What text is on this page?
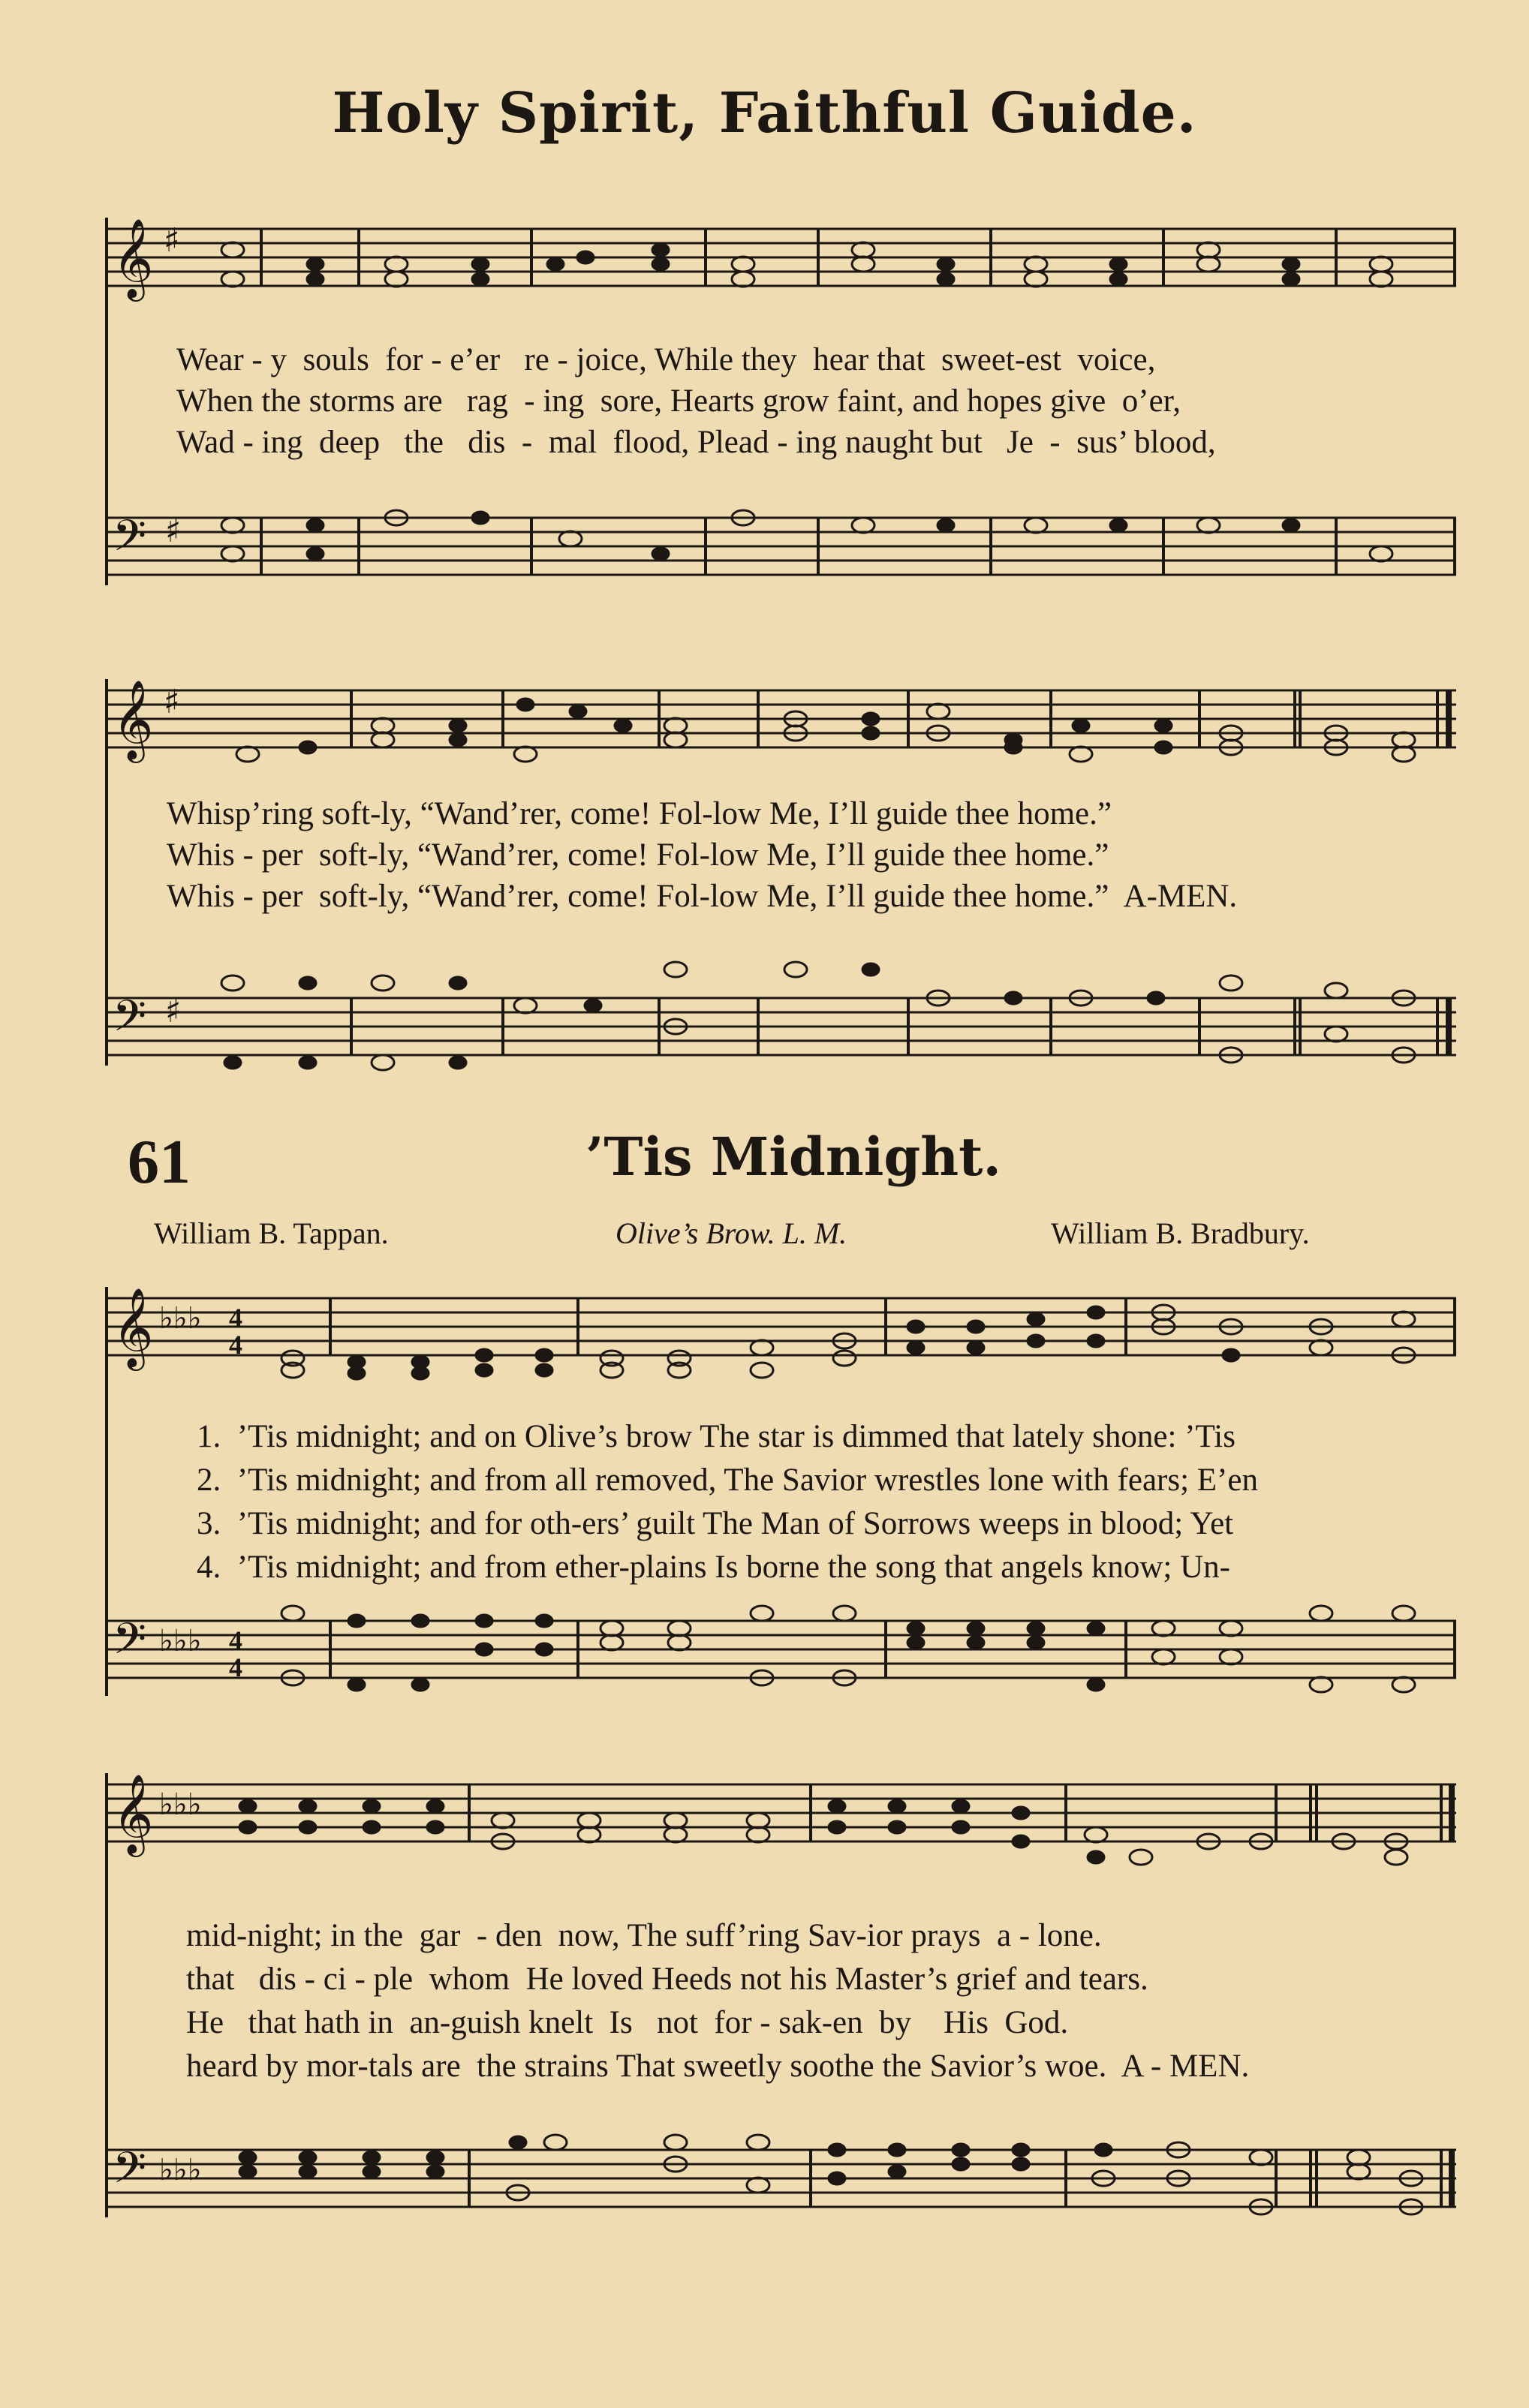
Holy Spirit, Faithful Guide.
𝄞 ♯
𝄢 ♯
Wear - y  souls  for - e’er   re - joice, While they  hear that  sweet-est  voice,
When the storms are   rag  - ing  sore, Hearts grow faint, and hopes give  o’er,
Wad - ing  deep   the   dis  -  mal  flood, Plead - ing naught but   Je  -  sus’ blood,
𝄞 ♯
𝄢 ♯
Whisp’ring soft-ly, “Wand’rer, come! Fol-low Me, I’ll guide thee home.”
Whis - per  soft-ly, “Wand’rer, come! Fol-low Me, I’ll guide thee home.”
Whis - per  soft-ly, “Wand’rer, come! Fol-low Me, I’ll guide thee home.”  A-MEN.
61	’Tis Midnight.
William B. Tappan.	Olive’s Brow. L. M.	William B. Bradbury.
𝄞 ♭♭♭ 4
4
𝄢 ♭♭♭ 4
4
1.  ’Tis midnight; and on Olive’s brow The star is dimmed that lately shone: ’Tis
2.  ’Tis midnight; and from all removed, The Savior wrestles lone with fears; E’en
3.  ’Tis midnight; and for oth-ers’ guilt The Man of Sorrows weeps in blood; Yet
4.  ’Tis midnight; and from ether-plains Is borne the song that angels know; Un-
𝄞 ♭♭♭
𝄢 ♭♭♭
mid-night; in the  gar  - den  now, The suff’ring Sav-ior prays  a - lone.
that   dis - ci - ple  whom  He loved Heeds not his Master’s grief and tears.
He   that hath in  an-guish knelt  Is   not  for - sak-en  by    His  God.
heard by mor-tals are  the strains That sweetly soothe the Savior’s woe.  A - MEN.
